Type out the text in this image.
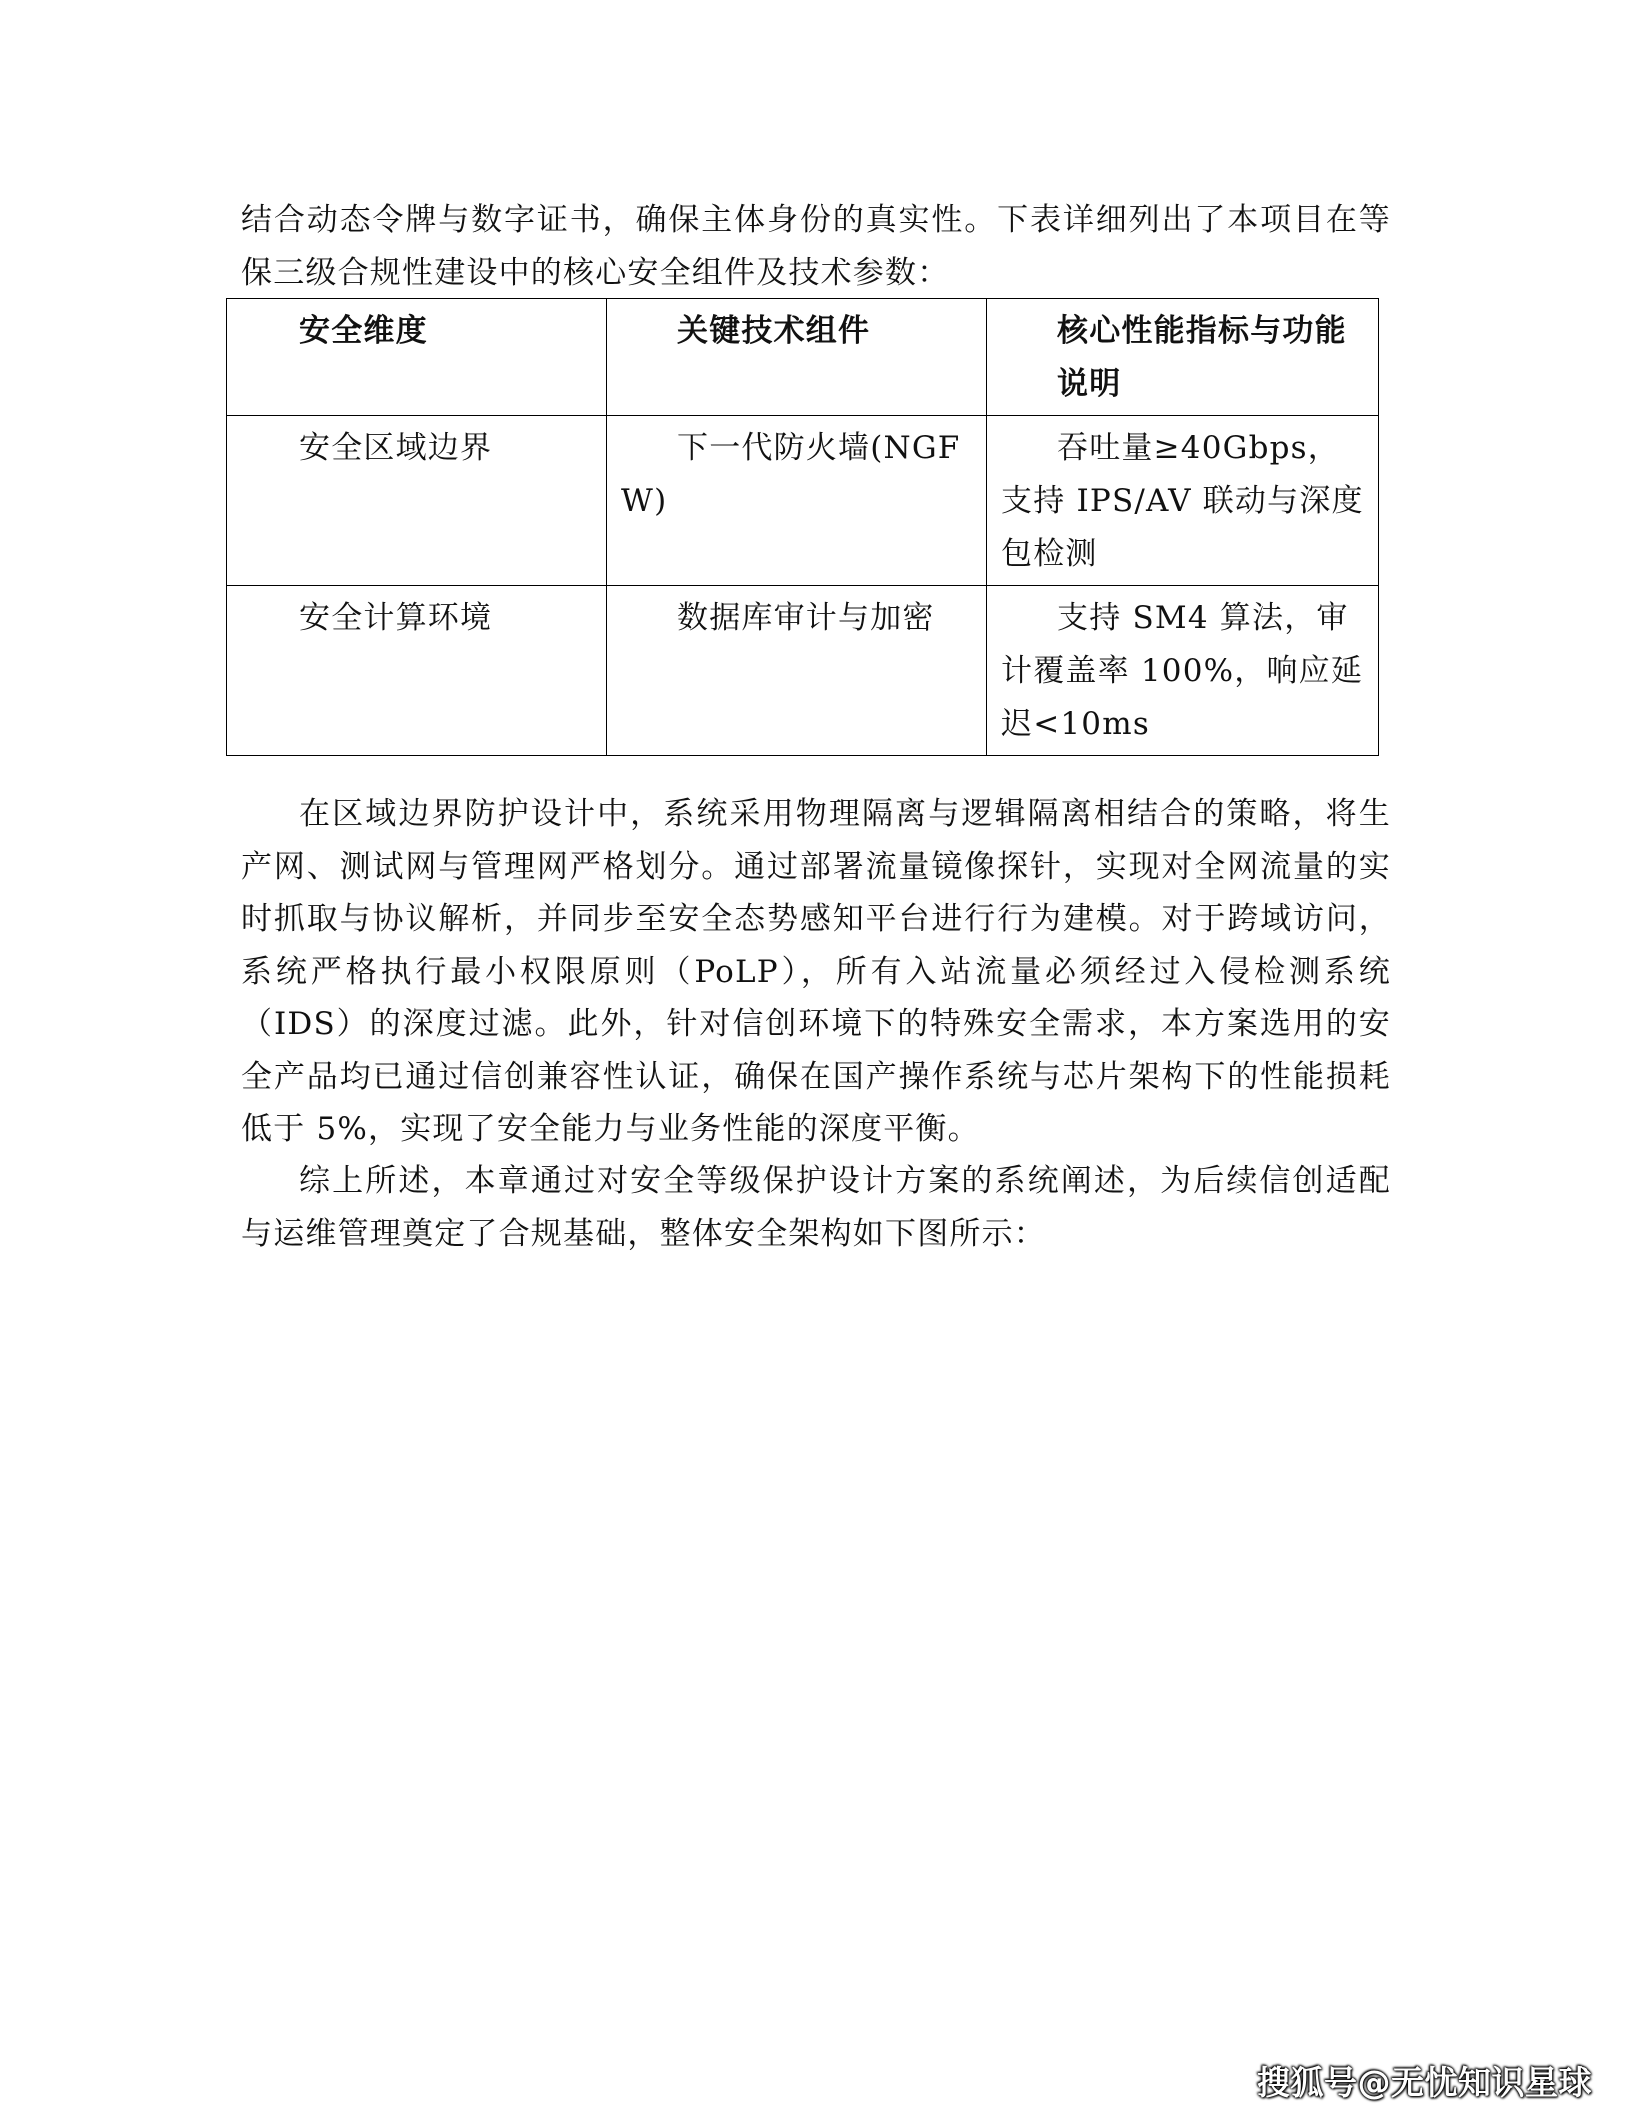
结合动态令牌与数字证书，确保主体身份的真实性。下表详细列出了本项目在等保三级合规性建设中的核心安全组件及技术参数：

安全维度	关键技术组件	核心性能指标与功能说明
安全区域边界	下一代防火墙(NGFW)	吞吐量≥40Gbps，支持 IPS/AV 联动与深度包检测
安全计算环境	数据库审计与加密	支持 SM4 算法，审计覆盖率 100%，响应延迟<10ms

在区域边界防护设计中，系统采用物理隔离与逻辑隔离相结合的策略，将生产网、测试网与管理网严格划分。通过部署流量镜像探针，实现对全网流量的实时抓取与协议解析，并同步至安全态势感知平台进行行为建模。对于跨域访问，系统严格执行最小权限原则（PoLP），所有入站流量必须经过入侵检测系统（IDS）的深度过滤。此外，针对信创环境下的特殊安全需求，本方案选用的安全产品均已通过信创兼容性认证，确保在国产操作系统与芯片架构下的性能损耗低于 5%，实现了安全能力与业务性能的深度平衡。

综上所述，本章通过对安全等级保护设计方案的系统阐述，为后续信创适配与运维管理奠定了合规基础，整体安全架构如下图所示：

搜狐号@无忧知识星球
